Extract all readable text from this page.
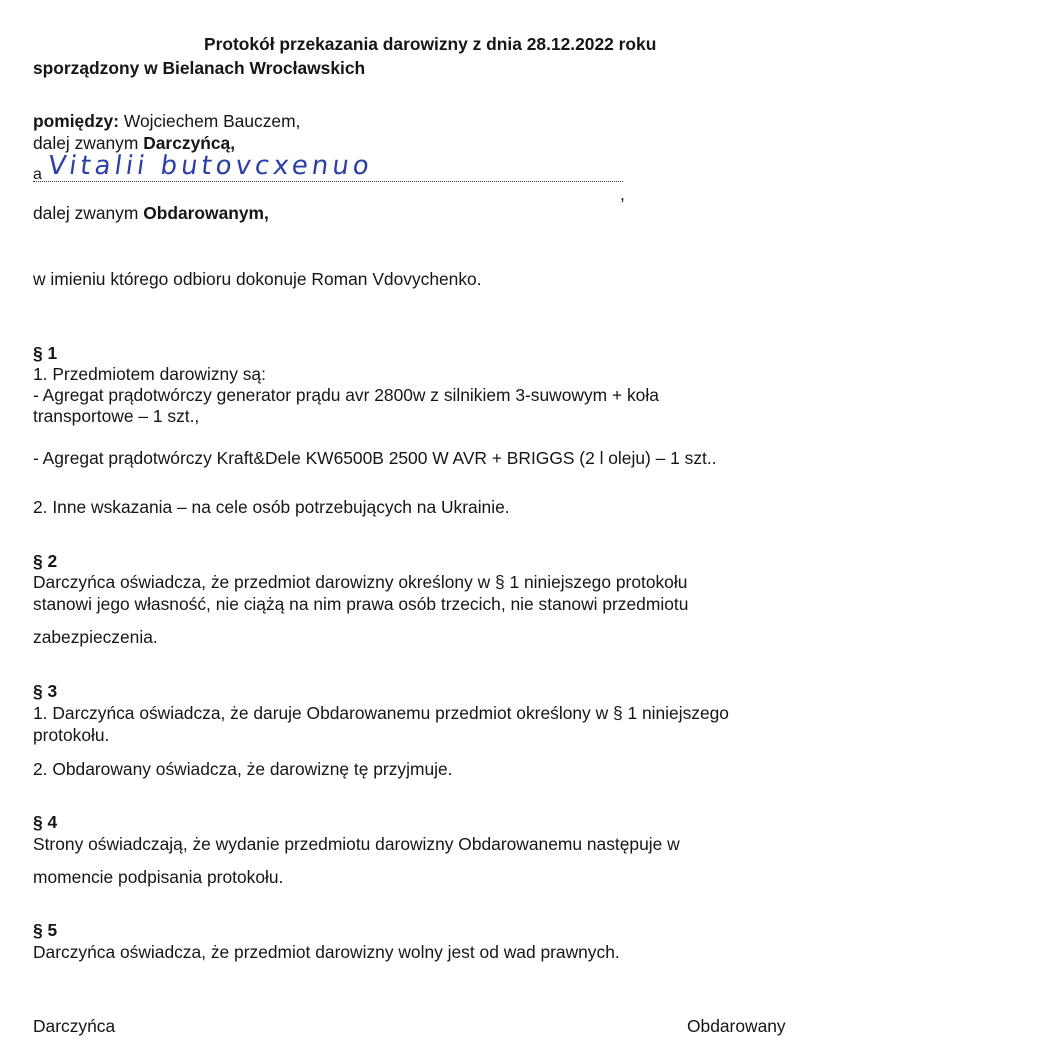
Protokół przekazania darowizny z dnia 28.12.2022 roku
sporządzony w Bielanach Wrocławskich
pomiędzy: Wojciechem Bauczem,
dalej zwanym Darczyńcą,
a Vitalii butovcxenuo
,
dalej zwanym Obdarowanym,
w imieniu którego odbioru dokonuje Roman Vdovychenko.
§ 1
1. Przedmiotem darowizny są:
- Agregat prądotwórczy generator prądu avr 2800w z silnikiem 3-suwowym + koła
transportowe – 1 szt.,
- Agregat prądotwórczy Kraft&Dele KW6500B 2500 W AVR + BRIGGS (2 l oleju) – 1 szt..
2. Inne wskazania – na cele osób potrzebujących na Ukrainie.
§ 2
Darczyńca oświadcza, że przedmiot darowizny określony w § 1 niniejszego protokołu
stanowi jego własność, nie ciążą na nim prawa osób trzecich, nie stanowi przedmiotu
zabezpieczenia.
§ 3
1. Darczyńca oświadcza, że daruje Obdarowanemu przedmiot określony w § 1 niniejszego
protokołu.
2. Obdarowany oświadcza, że darowiznę tę przyjmuje.
§ 4
Strony oświadczają, że wydanie przedmiotu darowizny Obdarowanemu następuje w
momencie podpisania protokołu.
§ 5
Darczyńca oświadcza, że przedmiot darowizny wolny jest od wad prawnych.
Darczyńca	Obdarowany
